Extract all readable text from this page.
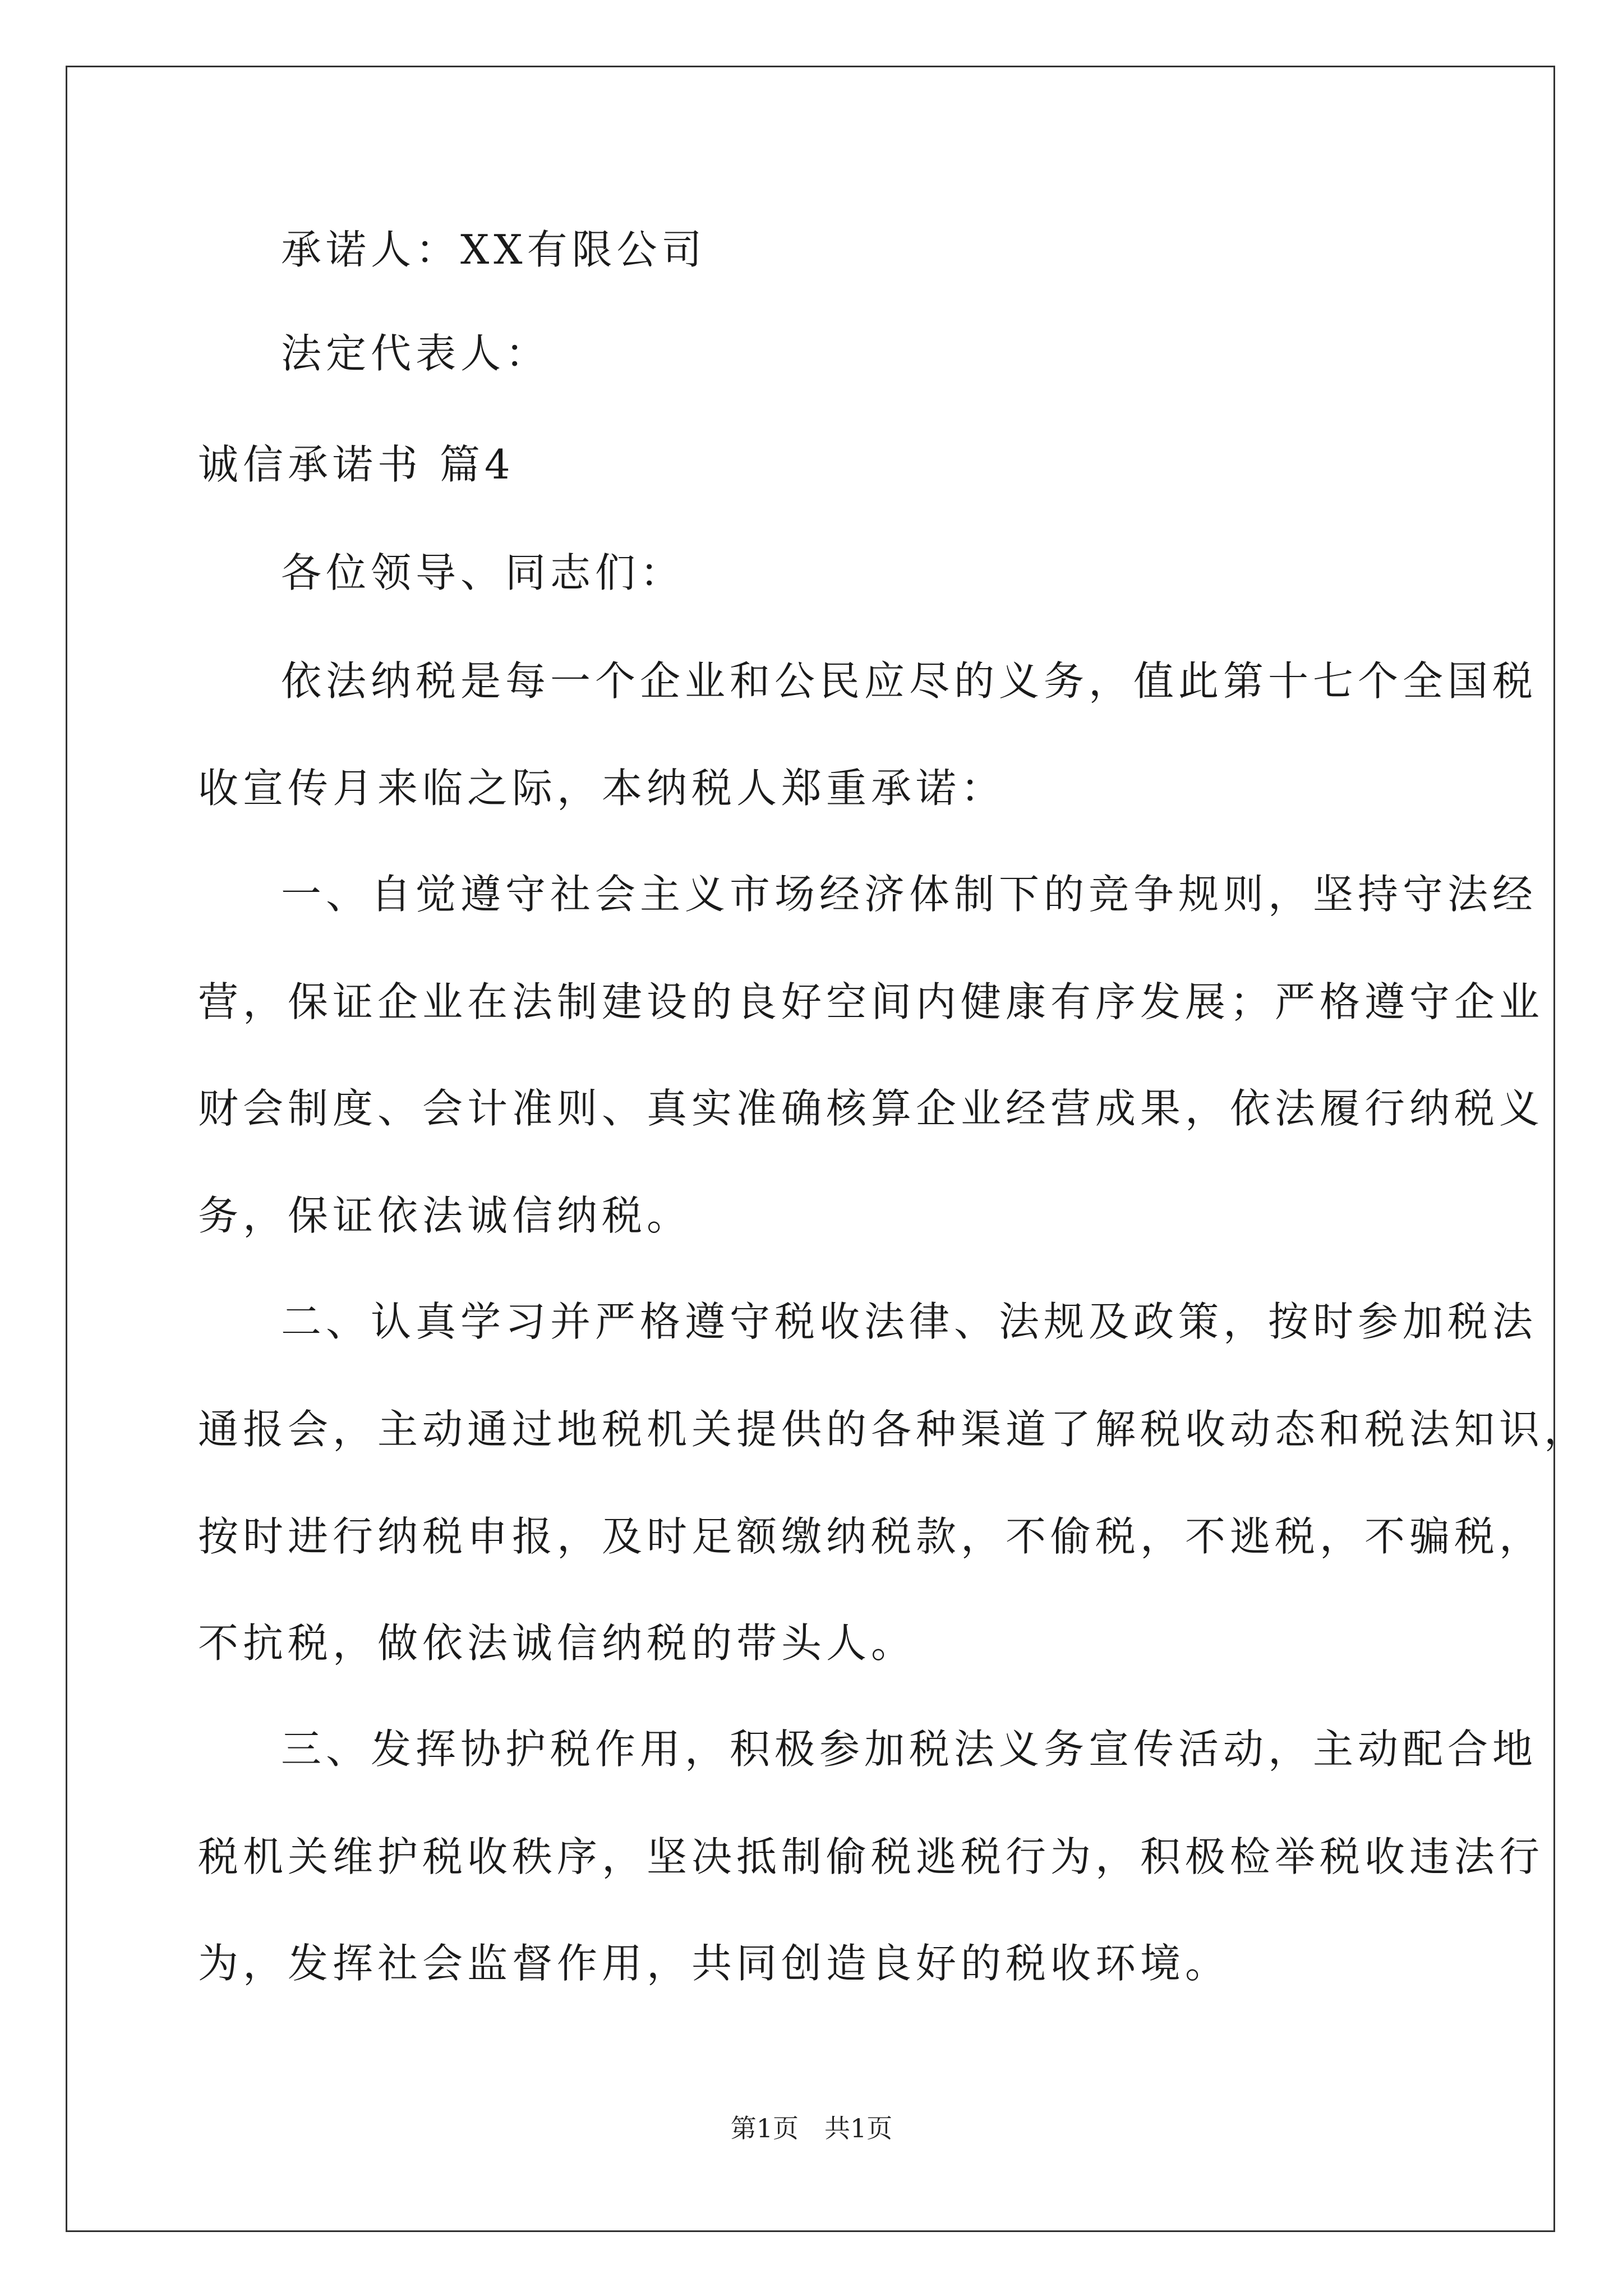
承诺人：XX有限公司
法定代表人：
诚信承诺书 篇4
各位领导、同志们：
依法纳税是每一个企业和公民应尽的义务，值此第十七个全国税
收宣传月来临之际，本纳税人郑重承诺：
一、自觉遵守社会主义市场经济体制下的竞争规则，坚持守法经
营，保证企业在法制建设的良好空间内健康有序发展；严格遵守企业
财会制度、会计准则、真实准确核算企业经营成果，依法履行纳税义
务，保证依法诚信纳税。
二、认真学习并严格遵守税收法律、法规及政策，按时参加税法
通报会，主动通过地税机关提供的各种渠道了解税收动态和税法知识，
按时进行纳税申报，及时足额缴纳税款，不偷税，不逃税，不骗税，
不抗税，做依法诚信纳税的带头人。
三、发挥协护税作用，积极参加税法义务宣传活动，主动配合地
税机关维护税收秩序，坚决抵制偷税逃税行为，积极检举税收违法行
为，发挥社会监督作用，共同创造良好的税收环境。
第1页　共1页
